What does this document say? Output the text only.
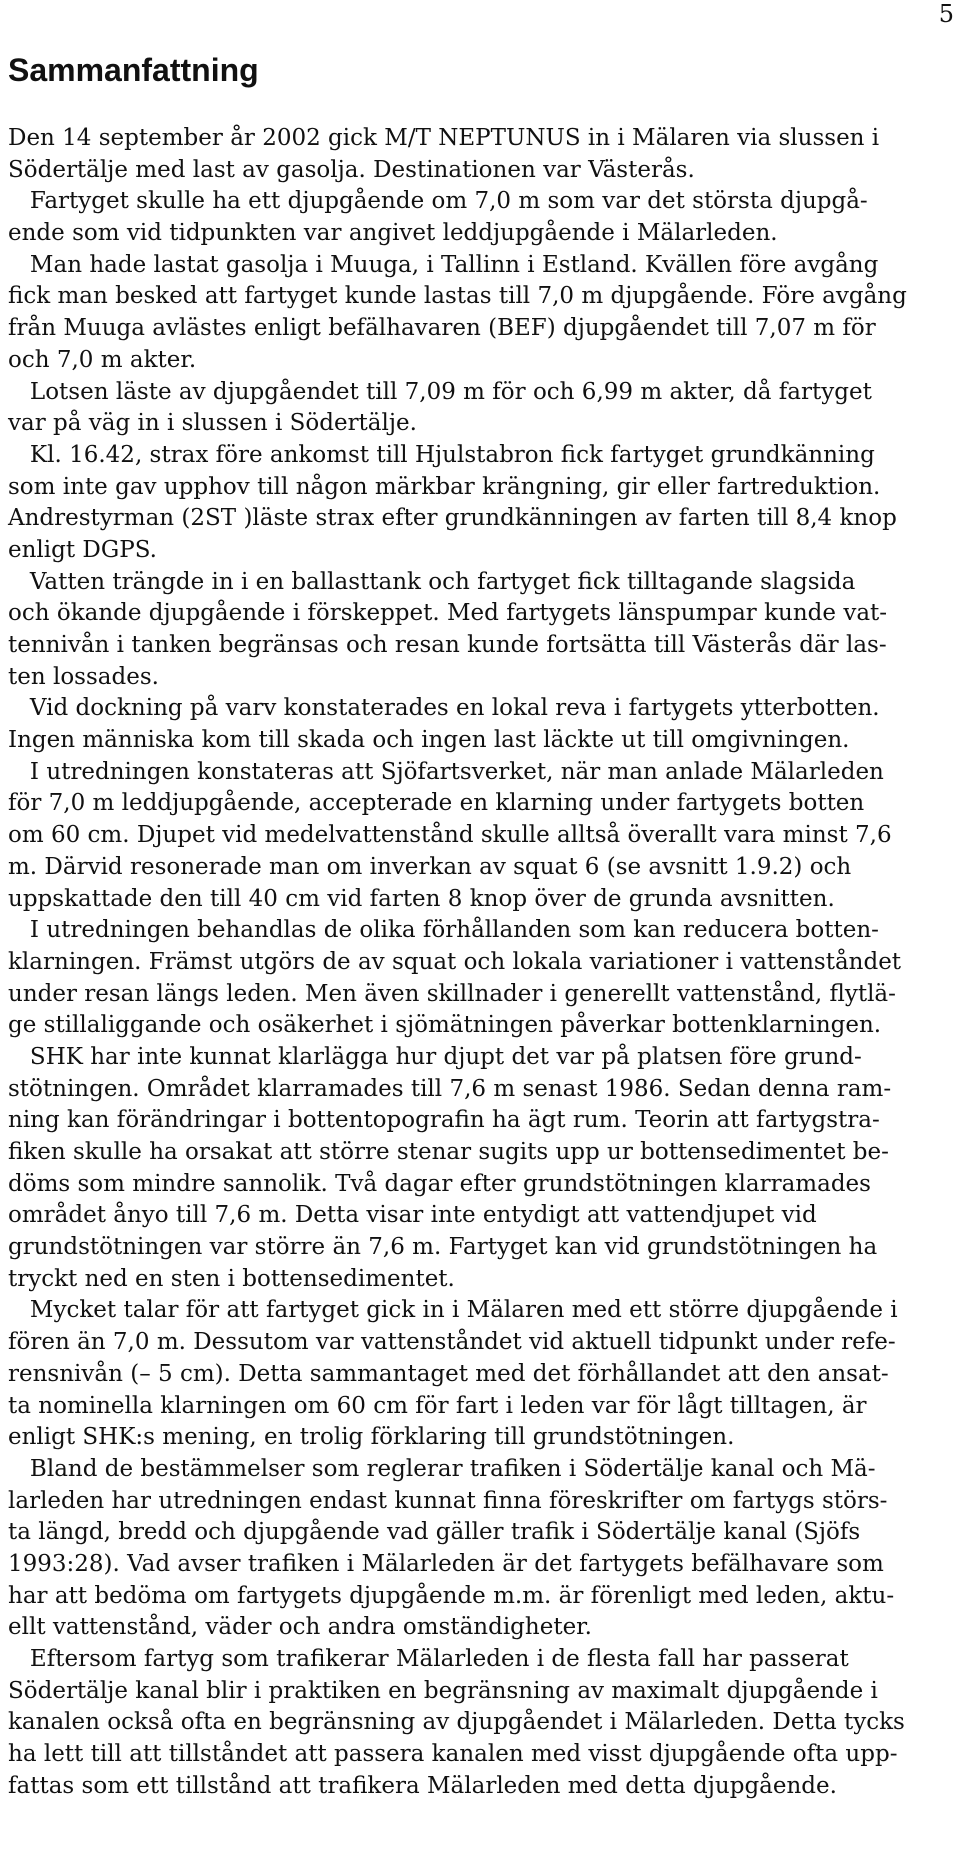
5
Sammanfattning
Den 14 september år 2002 gick M/T NEPTUNUS in i Mälaren via slussen i
Södertälje med last av gasolja. Destinationen var Västerås.
Fartyget skulle ha ett djupgående om 7,0 m som var det största djupgå-
ende som vid tidpunkten var angivet leddjupgående i Mälarleden.
Man hade lastat gasolja i Muuga, i Tallinn i Estland. Kvällen före avgång
fick man besked att fartyget kunde lastas till 7,0 m djupgående. Före avgång
från Muuga avlästes enligt befälhavaren (BEF) djupgåendet till 7,07 m för
och 7,0 m akter.
Lotsen läste av djupgåendet till 7,09 m för och 6,99 m akter, då fartyget
var på väg in i slussen i Södertälje.
Kl. 16.42, strax före ankomst till Hjulstabron fick fartyget grundkänning
som inte gav upphov till någon märkbar krängning, gir eller fartreduktion.
Andrestyrman (2ST )läste strax efter grundkänningen av farten till 8,4 knop
enligt DGPS.
Vatten trängde in i en ballasttank och fartyget fick tilltagande slagsida
och ökande djupgående i förskeppet. Med fartygets länspumpar kunde vat-
tennivån i tanken begränsas och resan kunde fortsätta till Västerås där las-
ten lossades.
Vid dockning på varv konstaterades en lokal reva i fartygets ytterbotten.
Ingen människa kom till skada och ingen last läckte ut till omgivningen.
I utredningen konstateras att Sjöfartsverket, när man anlade Mälarleden
för 7,0 m leddjupgående, accepterade en klarning under fartygets botten
om 60 cm. Djupet vid medelvattenstånd skulle alltså överallt vara minst 7,6
m. Därvid resonerade man om inverkan av squat 6 (se avsnitt 1.9.2) och
uppskattade den till 40 cm vid farten 8 knop över de grunda avsnitten.
I utredningen behandlas de olika förhållanden som kan reducera botten-
klarningen. Främst utgörs de av squat och lokala variationer i vattenståndet
under resan längs leden. Men även skillnader i generellt vattenstånd, flytlä-
ge stillaliggande och osäkerhet i sjömätningen påverkar bottenklarningen.
SHK har inte kunnat klarlägga hur djupt det var på platsen före grund-
stötningen. Området klarramades till 7,6 m senast 1986. Sedan denna ram-
ning kan förändringar i bottentopografin ha ägt rum. Teorin att fartygstra-
fiken skulle ha orsakat att större stenar sugits upp ur bottensedimentet be-
döms som mindre sannolik. Två dagar efter grundstötningen klarramades
området ånyo till 7,6 m. Detta visar inte entydigt att vattendjupet vid
grundstötningen var större än 7,6 m. Fartyget kan vid grundstötningen ha
tryckt ned en sten i bottensedimentet.
Mycket talar för att fartyget gick in i Mälaren med ett större djupgående i
fören än 7,0 m. Dessutom var vattenståndet vid aktuell tidpunkt under refe-
rensnivån (– 5 cm). Detta sammantaget med det förhållandet att den ansat-
ta nominella klarningen om 60 cm för fart i leden var för lågt tilltagen, är
enligt SHK:s mening, en trolig förklaring till grundstötningen.
Bland de bestämmelser som reglerar trafiken i Södertälje kanal och Mä-
larleden har utredningen endast kunnat finna föreskrifter om fartygs störs-
ta längd, bredd och djupgående vad gäller trafik i Södertälje kanal (Sjöfs
1993:28). Vad avser trafiken i Mälarleden är det fartygets befälhavare som
har att bedöma om fartygets djupgående m.m. är förenligt med leden, aktu-
ellt vattenstånd, väder och andra omständigheter.
Eftersom fartyg som trafikerar Mälarleden i de flesta fall har passerat
Södertälje kanal blir i praktiken en begränsning av maximalt djupgående i
kanalen också ofta en begränsning av djupgåendet i Mälarleden. Detta tycks
ha lett till att tillståndet att passera kanalen med visst djupgående ofta upp-
fattas som ett tillstånd att trafikera Mälarleden med detta djupgående.
